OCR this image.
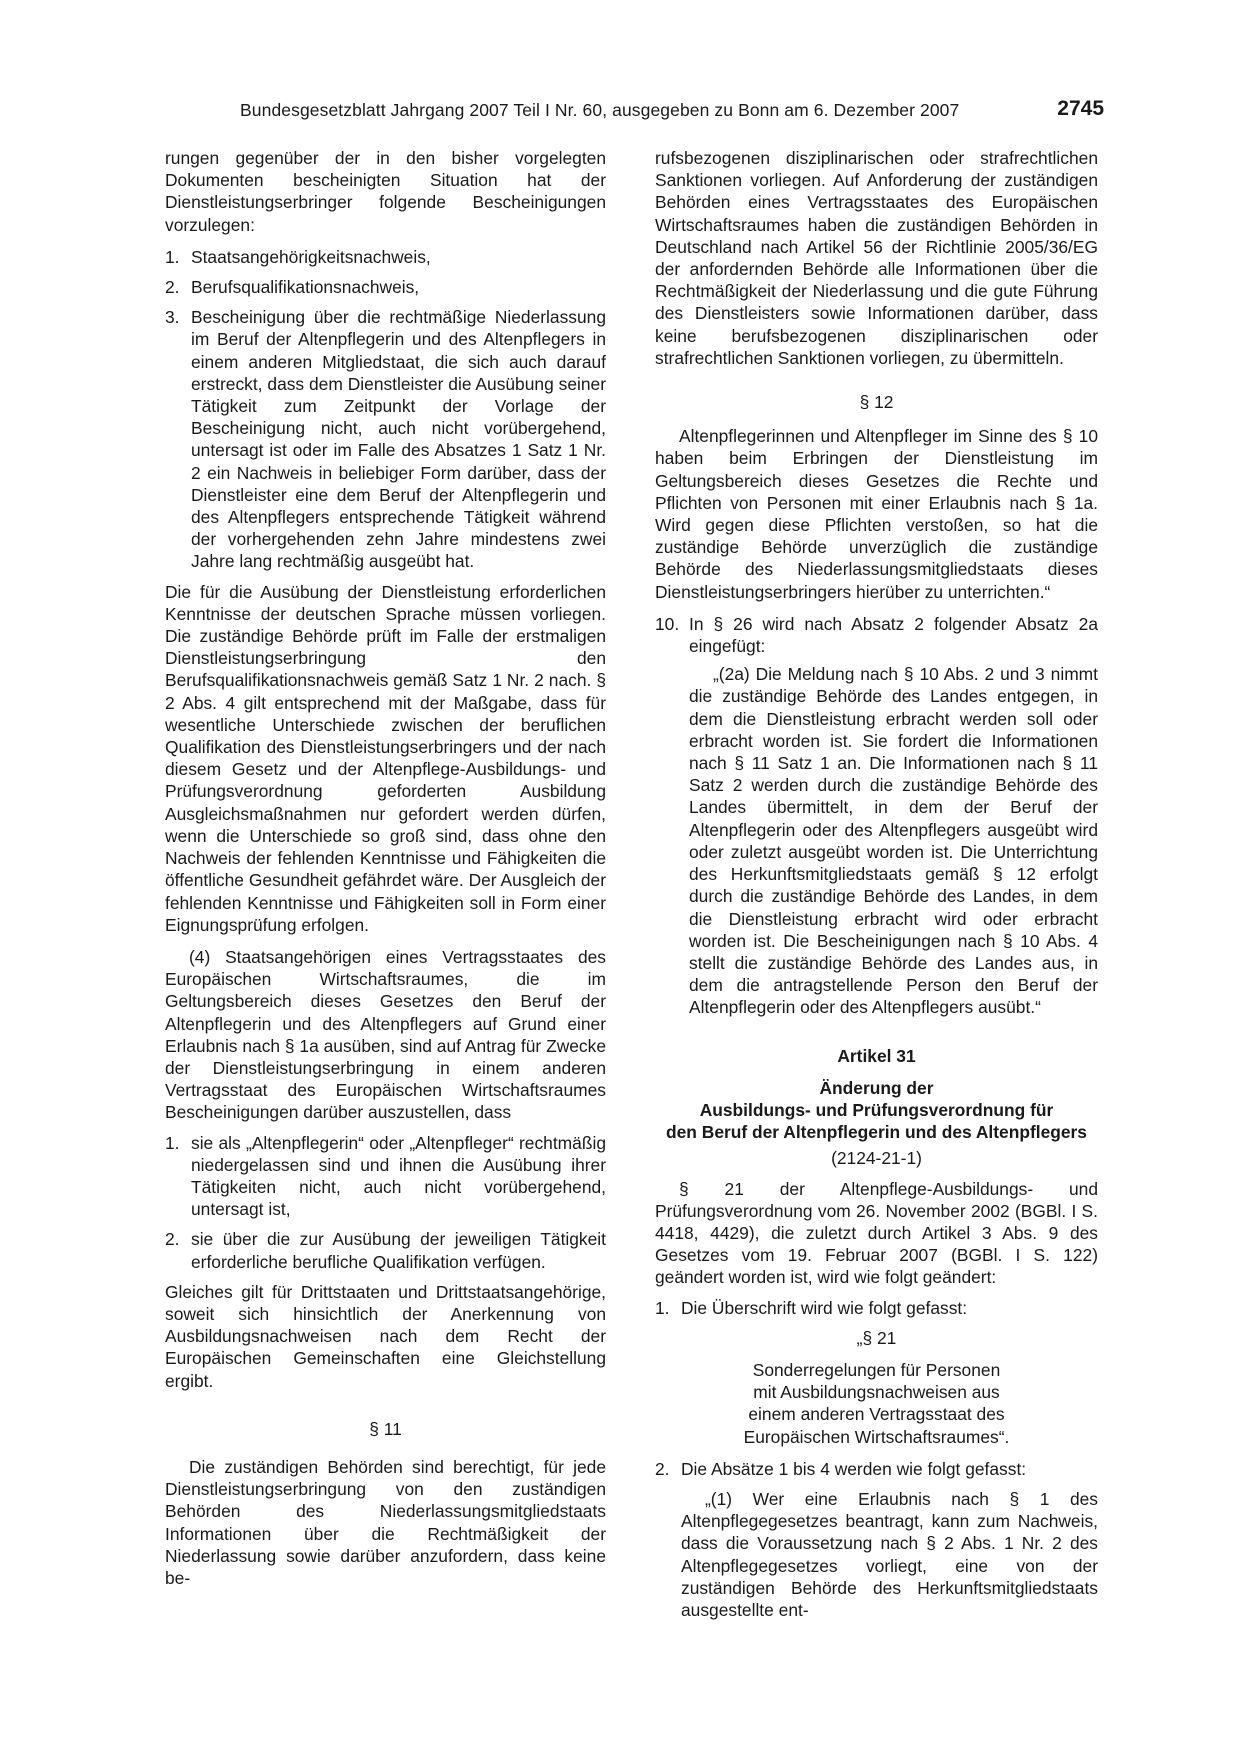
Bundesgesetzblatt Jahrgang 2007 Teil I Nr. 60, ausgegeben zu Bonn am 6. Dezember 2007	2745

rungen gegenüber der in den bisher vorgelegten Dokumenten bescheinigten Situation hat der Dienstleistungserbringer folgende Bescheinigungen vorzulegen:

1. Staatsangehörigkeitsnachweis,
2. Berufsqualifikationsnachweis,
3. Bescheinigung über die rechtmäßige Niederlassung im Beruf der Altenpflegerin und des Altenpflegers in einem anderen Mitgliedstaat, die sich auch darauf erstreckt, dass dem Dienstleister die Ausübung seiner Tätigkeit zum Zeitpunkt der Vorlage der Bescheinigung nicht, auch nicht vorübergehend, untersagt ist oder im Falle des Absatzes 1 Satz 1 Nr. 2 ein Nachweis in beliebiger Form darüber, dass der Dienstleister eine dem Beruf der Altenpflegerin und des Altenpflegers entsprechende Tätigkeit während der vorhergehenden zehn Jahre mindestens zwei Jahre lang rechtmäßig ausgeübt hat.

Die für die Ausübung der Dienstleistung erforderlichen Kenntnisse der deutschen Sprache müssen vorliegen. Die zuständige Behörde prüft im Falle der erstmaligen Dienstleistungserbringung den Berufsqualifikationsnachweis gemäß Satz 1 Nr. 2 nach. § 2 Abs. 4 gilt entsprechend mit der Maßgabe, dass für wesentliche Unterschiede zwischen der beruflichen Qualifikation des Dienstleistungserbringers und der nach diesem Gesetz und der Altenpflege-Ausbildungs- und Prüfungsverordnung geforderten Ausbildung Ausgleichsmaßnahmen nur gefordert werden dürfen, wenn die Unterschiede so groß sind, dass ohne den Nachweis der fehlenden Kenntnisse und Fähigkeiten die öffentliche Gesundheit gefährdet wäre. Der Ausgleich der fehlenden Kenntnisse und Fähigkeiten soll in Form einer Eignungsprüfung erfolgen.

(4) Staatsangehörigen eines Vertragsstaates des Europäischen Wirtschaftsraumes, die im Geltungsbereich dieses Gesetzes den Beruf der Altenpflegerin und des Altenpflegers auf Grund einer Erlaubnis nach § 1a ausüben, sind auf Antrag für Zwecke der Dienstleistungserbringung in einem anderen Vertragsstaat des Europäischen Wirtschaftsraumes Bescheinigungen darüber auszustellen, dass

1. sie als „Altenpflegerin“ oder „Altenpfleger“ rechtmäßig niedergelassen sind und ihnen die Ausübung ihrer Tätigkeiten nicht, auch nicht vorübergehend, untersagt ist,
2. sie über die zur Ausübung der jeweiligen Tätigkeit erforderliche berufliche Qualifikation verfügen.

Gleiches gilt für Drittstaaten und Drittstaatsangehörige, soweit sich hinsichtlich der Anerkennung von Ausbildungsnachweisen nach dem Recht der Europäischen Gemeinschaften eine Gleichstellung ergibt.

§ 11

Die zuständigen Behörden sind berechtigt, für jede Dienstleistungserbringung von den zuständigen Behörden des Niederlassungsmitgliedstaats Informationen über die Rechtmäßigkeit der Niederlassung sowie darüber anzufordern, dass keine be-

rufsbezogenen disziplinarischen oder strafrechtlichen Sanktionen vorliegen. Auf Anforderung der zuständigen Behörden eines Vertragsstaates des Europäischen Wirtschaftsraumes haben die zuständigen Behörden in Deutschland nach Artikel 56 der Richtlinie 2005/36/EG der anfordernden Behörde alle Informationen über die Rechtmäßigkeit der Niederlassung und die gute Führung des Dienstleisters sowie Informationen darüber, dass keine berufsbezogenen disziplinarischen oder strafrechtlichen Sanktionen vorliegen, zu übermitteln.

§ 12

Altenpflegerinnen und Altenpfleger im Sinne des § 10 haben beim Erbringen der Dienstleistung im Geltungsbereich dieses Gesetzes die Rechte und Pflichten von Personen mit einer Erlaubnis nach § 1a. Wird gegen diese Pflichten verstoßen, so hat die zuständige Behörde unverzüglich die zuständige Behörde des Niederlassungsmitgliedstaats dieses Dienstleistungserbringers hierüber zu unterrichten.“

10. In § 26 wird nach Absatz 2 folgender Absatz 2a eingefügt:

„(2a) Die Meldung nach § 10 Abs. 2 und 3 nimmt die zuständige Behörde des Landes entgegen, in dem die Dienstleistung erbracht werden soll oder erbracht worden ist. Sie fordert die Informationen nach § 11 Satz 1 an. Die Informationen nach § 11 Satz 2 werden durch die zuständige Behörde des Landes übermittelt, in dem der Beruf der Altenpflegerin oder des Altenpflegers ausgeübt wird oder zuletzt ausgeübt worden ist. Die Unterrichtung des Herkunftsmitgliedstaats gemäß § 12 erfolgt durch die zuständige Behörde des Landes, in dem die Dienstleistung erbracht wird oder erbracht worden ist. Die Bescheinigungen nach § 10 Abs. 4 stellt die zuständige Behörde des Landes aus, in dem die antragstellende Person den Beruf der Altenpflegerin oder des Altenpflegers ausübt.“

Artikel 31

Änderung der
Ausbildungs- und Prüfungsverordnung für
den Beruf der Altenpflegerin und des Altenpflegers

(2124-21-1)

§ 21 der Altenpflege-Ausbildungs- und Prüfungsverordnung vom 26. November 2002 (BGBl. I S. 4418, 4429), die zuletzt durch Artikel 3 Abs. 9 des Gesetzes vom 19. Februar 2007 (BGBl. I S. 122) geändert worden ist, wird wie folgt geändert:

1. Die Überschrift wird wie folgt gefasst:

„§ 21

Sonderregelungen für Personen
mit Ausbildungsnachweisen aus
einem anderen Vertragsstaat des
Europäischen Wirtschaftsraumes“.
2. Die Absätze 1 bis 4 werden wie folgt gefasst:

„(1) Wer eine Erlaubnis nach § 1 des Altenpflegegesetzes beantragt, kann zum Nachweis, dass die Voraussetzung nach § 2 Abs. 1 Nr. 2 des Altenpflegegesetzes vorliegt, eine von der zuständigen Behörde des Herkunftsmitgliedstaats ausgestellte ent-
